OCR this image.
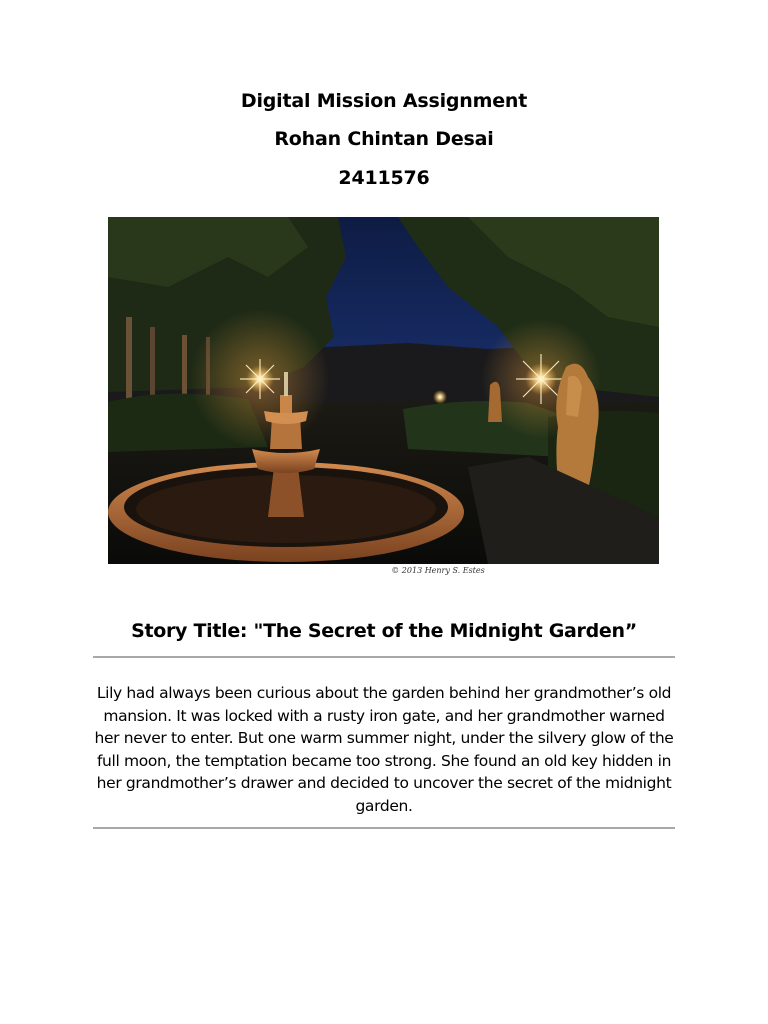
Digital Mission Assignment
Rohan Chintan Desai
2411576
© 2013 Henry S. Estes
Story Title: "The Secret of the Midnight Garden”

Lily had always been curious about the garden behind her grandmother’s old mansion. It was locked with a rusty iron gate, and her grandmother warned her never to enter. But one warm summer night, under the silvery glow of the full moon, the temptation became too strong. She found an old key hidden in her grandmother’s drawer and decided to uncover the secret of the midnight garden.
